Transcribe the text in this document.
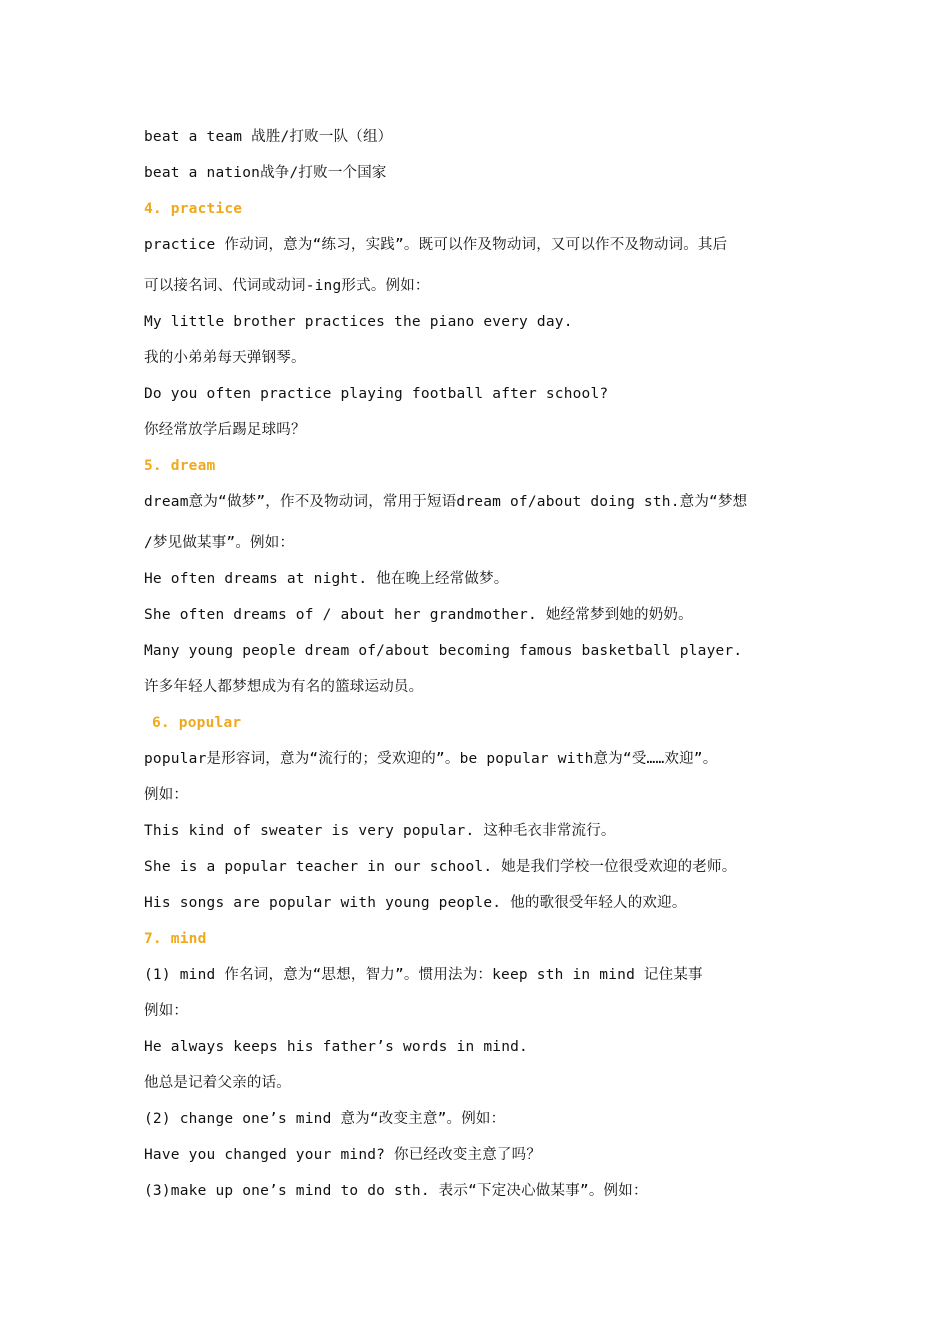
beat a team 战胜/打败一队（组）
beat a nation战争/打败一个国家
4. practice
practice 作动词，意为“练习，实践”。既可以作及物动词，又可以作不及物动词。其后
可以接名词、代词或动词-ing形式。例如：
My little brother practices the piano every day.
我的小弟弟每天弹钢琴。
Do you often practice playing football after school?
你经常放学后踢足球吗？
5. dream
dream意为“做梦”，作不及物动词，常用于短语dream of/about doing sth.意为“梦想
/梦见做某事”。例如：
He often dreams at night. 他在晚上经常做梦。
She often dreams of / about her grandmother. 她经常梦到她的奶奶。
Many young people dream of/about becoming famous basketball player.
许多年轻人都梦想成为有名的篮球运动员。
6. popular
popular是形容词，意为“流行的；受欢迎的”。be popular with意为“受……欢迎”。
例如：
This kind of sweater is very popular. 这种毛衣非常流行。
She is a popular teacher in our school. 她是我们学校一位很受欢迎的老师。
His songs are popular with young people. 他的歌很受年轻人的欢迎。
7. mind
(1) mind 作名词，意为“思想，智力”。惯用法为：keep sth in mind 记住某事
例如：
He always keeps his father’s words in mind.
他总是记着父亲的话。
(2) change one’s mind 意为“改变主意”。例如：
Have you changed your mind? 你已经改变主意了吗？
(3)make up one’s mind to do sth. 表示“下定决心做某事”。例如：
